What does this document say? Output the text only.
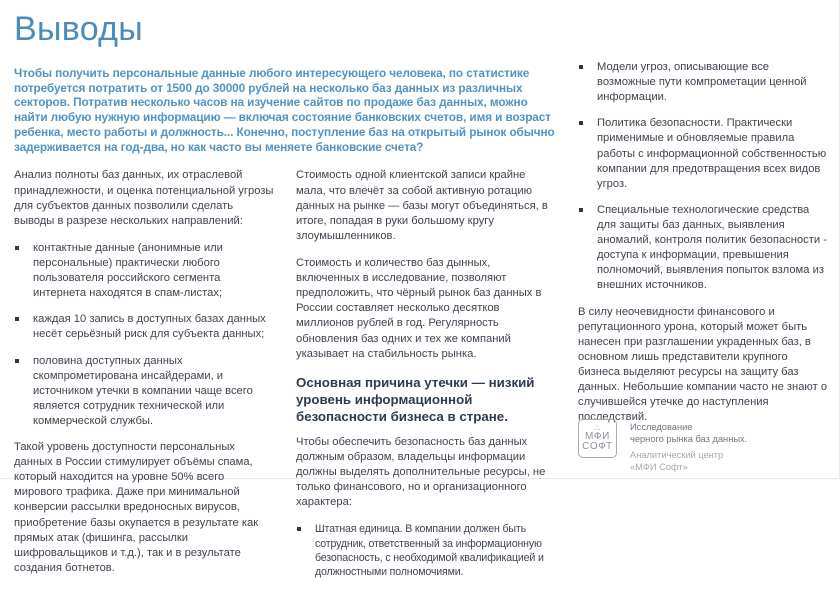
Выводы

Чтобы получить персональные данные любого интересующего человека, по статистике потребуется потратить от 1500 до 30000 рублей на несколько баз данных из различных секторов. Потратив несколько часов на изучение сайтов по продаже баз данных, можно найти любую нужную информацию — включая состояние банковских счетов, имя и возраст ребенка, место работы и должность... Конечно, поступление баз на открытый рынок обычно задерживается на год-два, но как часто вы меняете банковские счета?

Анализ полноты баз данных, их отраслевой принадлежности, и оценка потенциальной угрозы для субъектов данных позволили сделать выводы в разрезе нескольких направлений:

контактные данные (анонимные или персональные) практически любого пользователя российского сегмента интернета находятся в спам-листах;
каждая 10 запись в доступных базах данных несёт серьёзный риск для субъекта данных;
половина доступных данных скомпрометирована инсайдерами, и источником утечки в компании чаще всего является сотрудник технической или коммерческой службы.

Такой уровень доступности персональных данных в России стимулирует объёмы спама, который находится на уровне 50% всего мирового трафика. Даже при минимальной конверсии рассылки вредоносных вирусов, приобретение базы окупается в результате как прямых атак (фишинга, рассылки шифровальщиков и т.д.), так и в результате создания ботнетов.

Стоимость одной клиентской записи крайне мала, что влечёт за собой активную ротацию данных на рынке — базы могут объединяться, в итоге, попадая в руки большому кругу злоумышленников.

Стоимость и количество баз дынных, включенных в исследование, позволяют предположить, что чёрный рынок баз данных в России составляет несколько десятков миллионов рублей в год. Регулярность обновления баз одних и тех же компаний указывает на стабильность рынка.

Основная причина утечки — низкий уровень информационной безопасности бизнеса в стране.

Чтобы обеспечить безопасность баз данных должным образом, владельцы информации должны выделять дополнительные ресурсы, не только финансового, но и организационного характера:

Штатная единица. В компании должен быть сотрудник, ответственный за информационную безопасность, с необходимой квалификацией и должностными полномочиями.
Модели угроз, описывающие все возможные пути компрометации ценной информации.
Политика безопасности. Практически применимые и обновляемые правила работы с информационной собственностью компании для предотвращения всех видов угроз.
Специальные технологические средства для защиты баз данных, выявления аномалий, контроля политик безопасности - доступа к информации, превышения полномочий, выявления попыток взлома из внешних источников.

В силу неочевидности финансового и репутационного урона, который может быть нанесен при разглашении украденных баз, в основном лишь представители крупного бизнеса выделяют ресурсы на защиту баз данных. Небольшие компании часто не знают о случившейся утечке до наступления последствий.

∴
МФИ
СОФТ
Исследование
черного рынка баз данных.
Аналитический центр
«МФИ Софт»
